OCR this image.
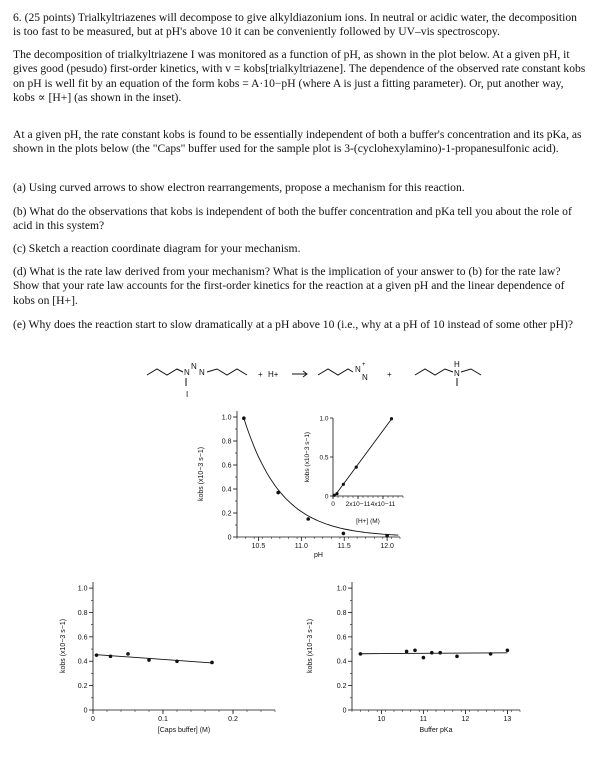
6. (25 points) Trialkyltriazenes will decompose to give alkyldiazonium ions. In neutral or acidic water, the decomposition is too fast to be measured, but at pH's above 10 it can be conveniently followed by UV–vis spectroscopy.

The decomposition of trialkyltriazene I was monitored as a function of pH, as shown in the plot below. At a given pH, it gives good (pesudo) first-order kinetics, with v = kobs[trialkyltriazene]. The dependence of the observed rate constant kobs on pH is well fit by an equation of the form kobs = A·10−pH (where A is just a fitting parameter). Or, put another way, kobs ∝ [H+] (as shown in the inset).

At a given pH, the rate constant kobs is found to be essentially independent of both a buffer's concentration and its pKa, as shown in the plots below (the "Caps" buffer used for the sample plot is 3-(cyclohexylamino)-1-propanesulfonic acid).

(a) Using curved arrows to show electron rearrangements, propose a mechanism for this reaction.

(b) What do the observations that kobs is independent of both the buffer concentration and pKa tell you about the role of acid in this system?

(c) Sketch a reaction coordinate diagram for your mechanism.

(d) What is the rate law derived from your mechanism? What is the implication of your answer to (b) for the rate law? Show that your rate law accounts for the first-order kinetics for the reaction at a given pH and the linear dependence of kobs on [H+].

(e) Why does the reaction start to slow dramatically at a pH above 10 (i.e., why at a pH of 10 instead of some other pH)?

N
N
N
I
+ H+
N +
N +
H
N
0
0.2
0.4
0.6
0.8
1.0
10.5	11.0	11.5	12.0
kobs (x10−3 s−1)
pH
0
0.5
1.0
0 2x10−11 4x10−11
kobs (x10−3 s−1)
[H+] (M)
0
0.2
0.4
0.6
0.8
1.0
0	0.1	0.2
kobs (x10−3 s−1)
[Caps buffer] (M)
0
0.2
0.4
0.6
0.8
1.0
10	11	12	13
kobs (x10−3 s−1)
Buffer pKa
